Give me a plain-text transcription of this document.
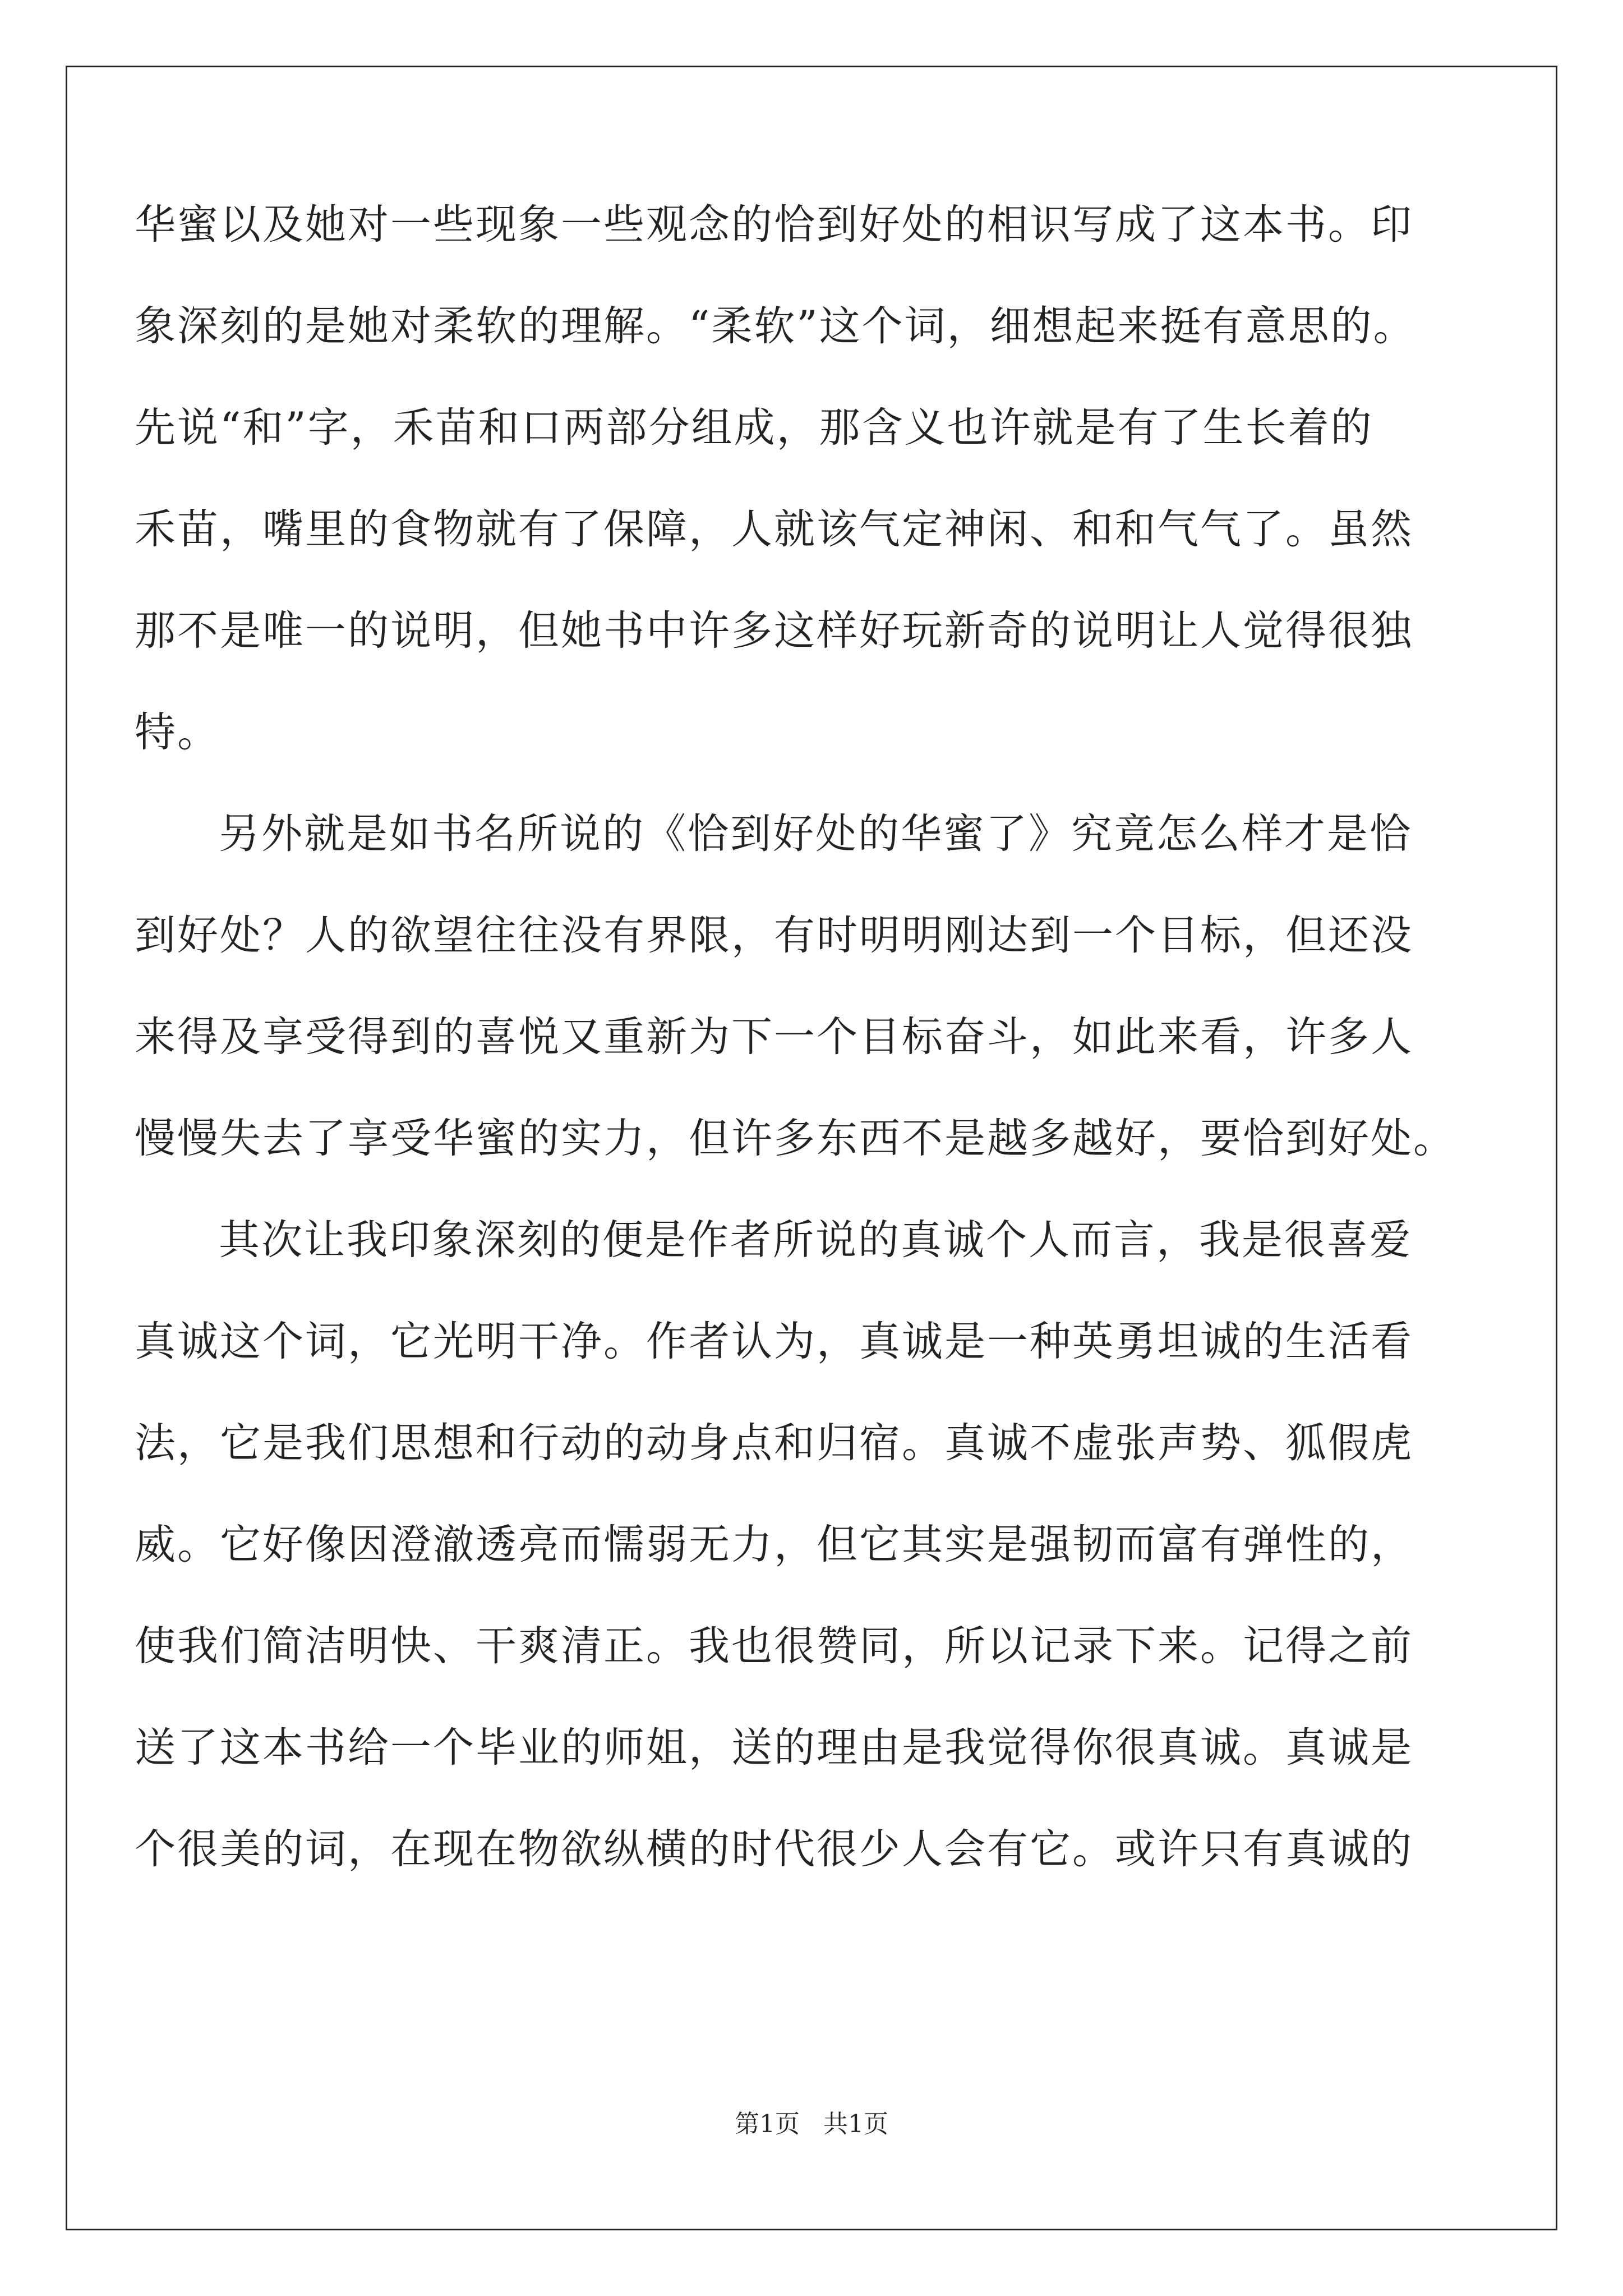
华蜜以及她对一些现象一些观念的恰到好处的相识写成了这本书。印
象深刻的是她对柔软的理解。“柔软”这个词，细想起来挺有意思的。
先说“和”字，禾苗和口两部分组成，那含义也许就是有了生长着的
禾苗，嘴里的食物就有了保障，人就该气定神闲、和和气气了。虽然
那不是唯一的说明，但她书中许多这样好玩新奇的说明让人觉得很独
特。
另外就是如书名所说的《恰到好处的华蜜了》究竟怎么样才是恰
到好处？人的欲望往往没有界限，有时明明刚达到一个目标，但还没
来得及享受得到的喜悦又重新为下一个目标奋斗，如此来看，许多人
慢慢失去了享受华蜜的实力，但许多东西不是越多越好，要恰到好处。
其次让我印象深刻的便是作者所说的真诚个人而言，我是很喜爱
真诚这个词，它光明干净。作者认为，真诚是一种英勇坦诚的生活看
法，它是我们思想和行动的动身点和归宿。真诚不虚张声势、狐假虎
威。它好像因澄澈透亮而懦弱无力，但它其实是强韧而富有弹性的，
使我们简洁明快、干爽清正。我也很赞同，所以记录下来。记得之前
送了这本书给一个毕业的师姐，送的理由是我觉得你很真诚。真诚是
个很美的词，在现在物欲纵横的时代很少人会有它。或许只有真诚的
第1页   共1页
